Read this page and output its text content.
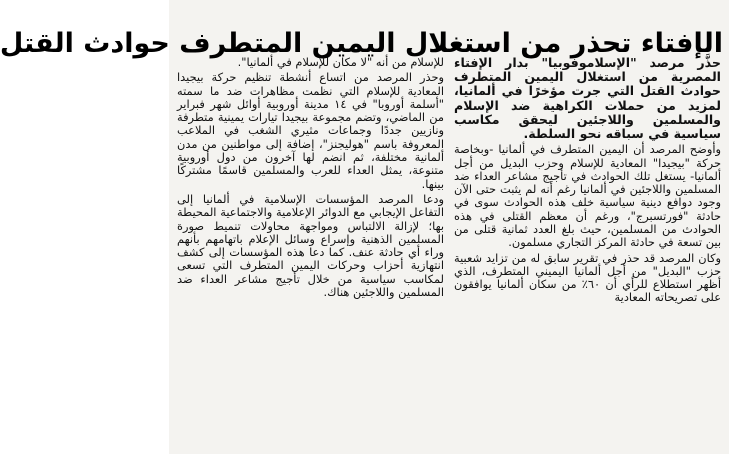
الإفتاء تحذر من استغلال اليمين المتطرف حوادث القتل

حذَّر مرصد "الإسلاموفوبيا" بدار الإفتاء المصرية من استغلال اليمين المتطرف حوادث القتل التي جرت مؤخرًا في ألمانيا، لمزيد من حملات الكراهية ضد الإسلام والمسلمين واللاجئين ليحقق مكاسب سياسية في سباقه نحو السلطة.

وأوضح المرصد أن اليمين المتطرف في ألمانيا -وبخاصة حركة "بيجيدا" المعادية للإسلام وحزب البديل من أجل ألمانيا- يستغل تلك الحوادث في تأجيج مشاعر العداء ضد المسلمين واللاجئين في ألمانيا رغم أنه لم يثبت حتى الآن وجود دوافع دينية سياسية خلف هذه الحوادث سوى في حادثة "فورتسبرج"، ورغم أن معظم القتلى في هذه الحوادث من المسلمين، حيث بلغ العدد ثمانية قتلى من بين تسعة في حادثة المركز التجاري مسلمون.

وكان المرصد قد حذر في تقرير سابق له من تزايد شعبية حزب "البديل" من أجل ألمانيا اليميني المتطرف، الذي أظهر استطلاع للرأي أن ٦٠٪ من سكان ألمانيا يوافقون على تصريحاته المعادية

للإسلام من أنه "لا مكان للإسلام في ألمانيا".

وحذر المرصد من اتساع أنشطة تنظيم حركة بيجيدا المعادية للإسلام التي نظمت مظاهرات ضد ما سمته "أسلمة أوروبا" في ١٤ مدينة أوروبية أوائل شهر فبراير من الماضي، وتضم مجموعة بيجيدا تيارات يمينية متطرفة ونازيين جددًا وجماعات مثيري الشغب في الملاعب المعروفة باسم "هوليجنز"، إضافة إلى مواطنين من مدن ألمانية مختلفة، ثم انضم لها آخرون من دول أوروبية متنوعة، يمثل العداء للعرب والمسلمين قاسمًا مشتركًا بينها.

ودعا المرصد المؤسسات الإسلامية في ألمانيا إلى التفاعل الإيجابي مع الدوائر الإعلامية والاجتماعية المحيطة بها؛ لإزالة الالتباس ومواجهة محاولات تنميط صورة المسلمين الذهنية وإسراع وسائل الإعلام باتهامهم بأنهم وراء أي حادثة عنف. كما دعا هذه المؤسسات إلى كشف انتهازية أحزاب وحركات اليمين المتطرف التي تسعى لمكاسب سياسية من خلال تأجيج مشاعر العداء ضد المسلمين واللاجئين هناك.
